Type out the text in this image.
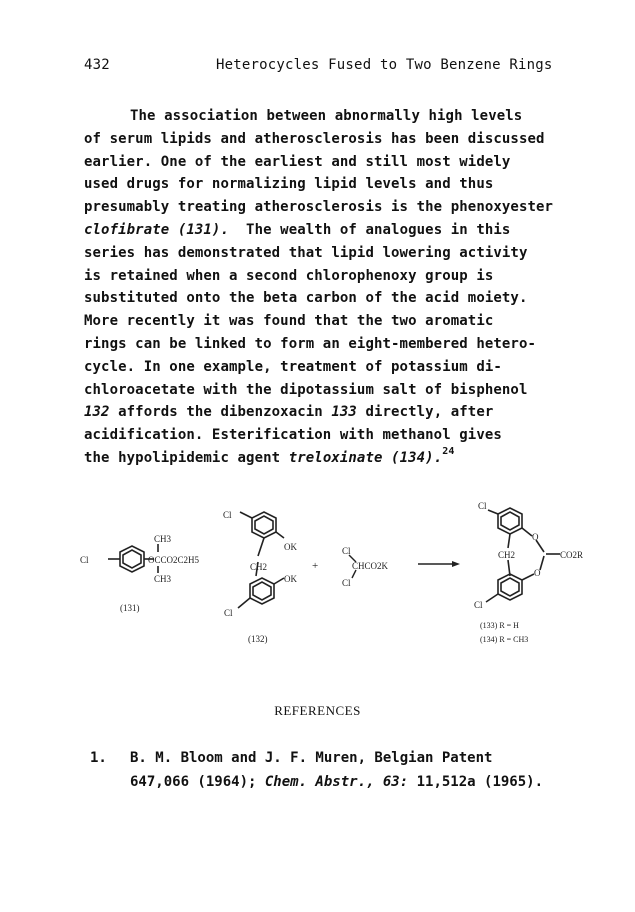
432	Heterocycles Fused to Two Benzene Rings
The association between abnormally high levels
of serum lipids and atherosclerosis has been discussed
earlier. One of the earliest and still most widely
used drugs for normalizing lipid levels and thus
presumably treating atherosclerosis is the phenoxyester
clofibrate (131).  The wealth of analogues in this
series has demonstrated that lipid lowering activity
is retained when a second chlorophenoxy group is
substituted onto the beta carbon of the acid moiety.
More recently it was found that the two aromatic
rings can be linked to form an eight-membered hetero-
cycle. In one example, treatment of potassium di-
chloroacetate with the dipotassium salt of bisphenol
132 affords the dibenzoxacin 133 directly, after
acidification. Esterification with methanol gives
the hypolipidemic agent treloxinate (134).$^{24}$
Cl
CH3
OCCO2C2H5
CH3
(131)
Cl
OK
CH2
OK
Cl
(132)
+
Cl
CHCO2K
Cl
Cl
O
CO2R
CH2
O
Cl
(133) R = H
(134) R = CH3
REFERENCES
1.	B. M. Bloom and J. F. Muren, Belgian Patent
647,066 (1964); Chem. Abstr., 63: 11,512a (1965).
